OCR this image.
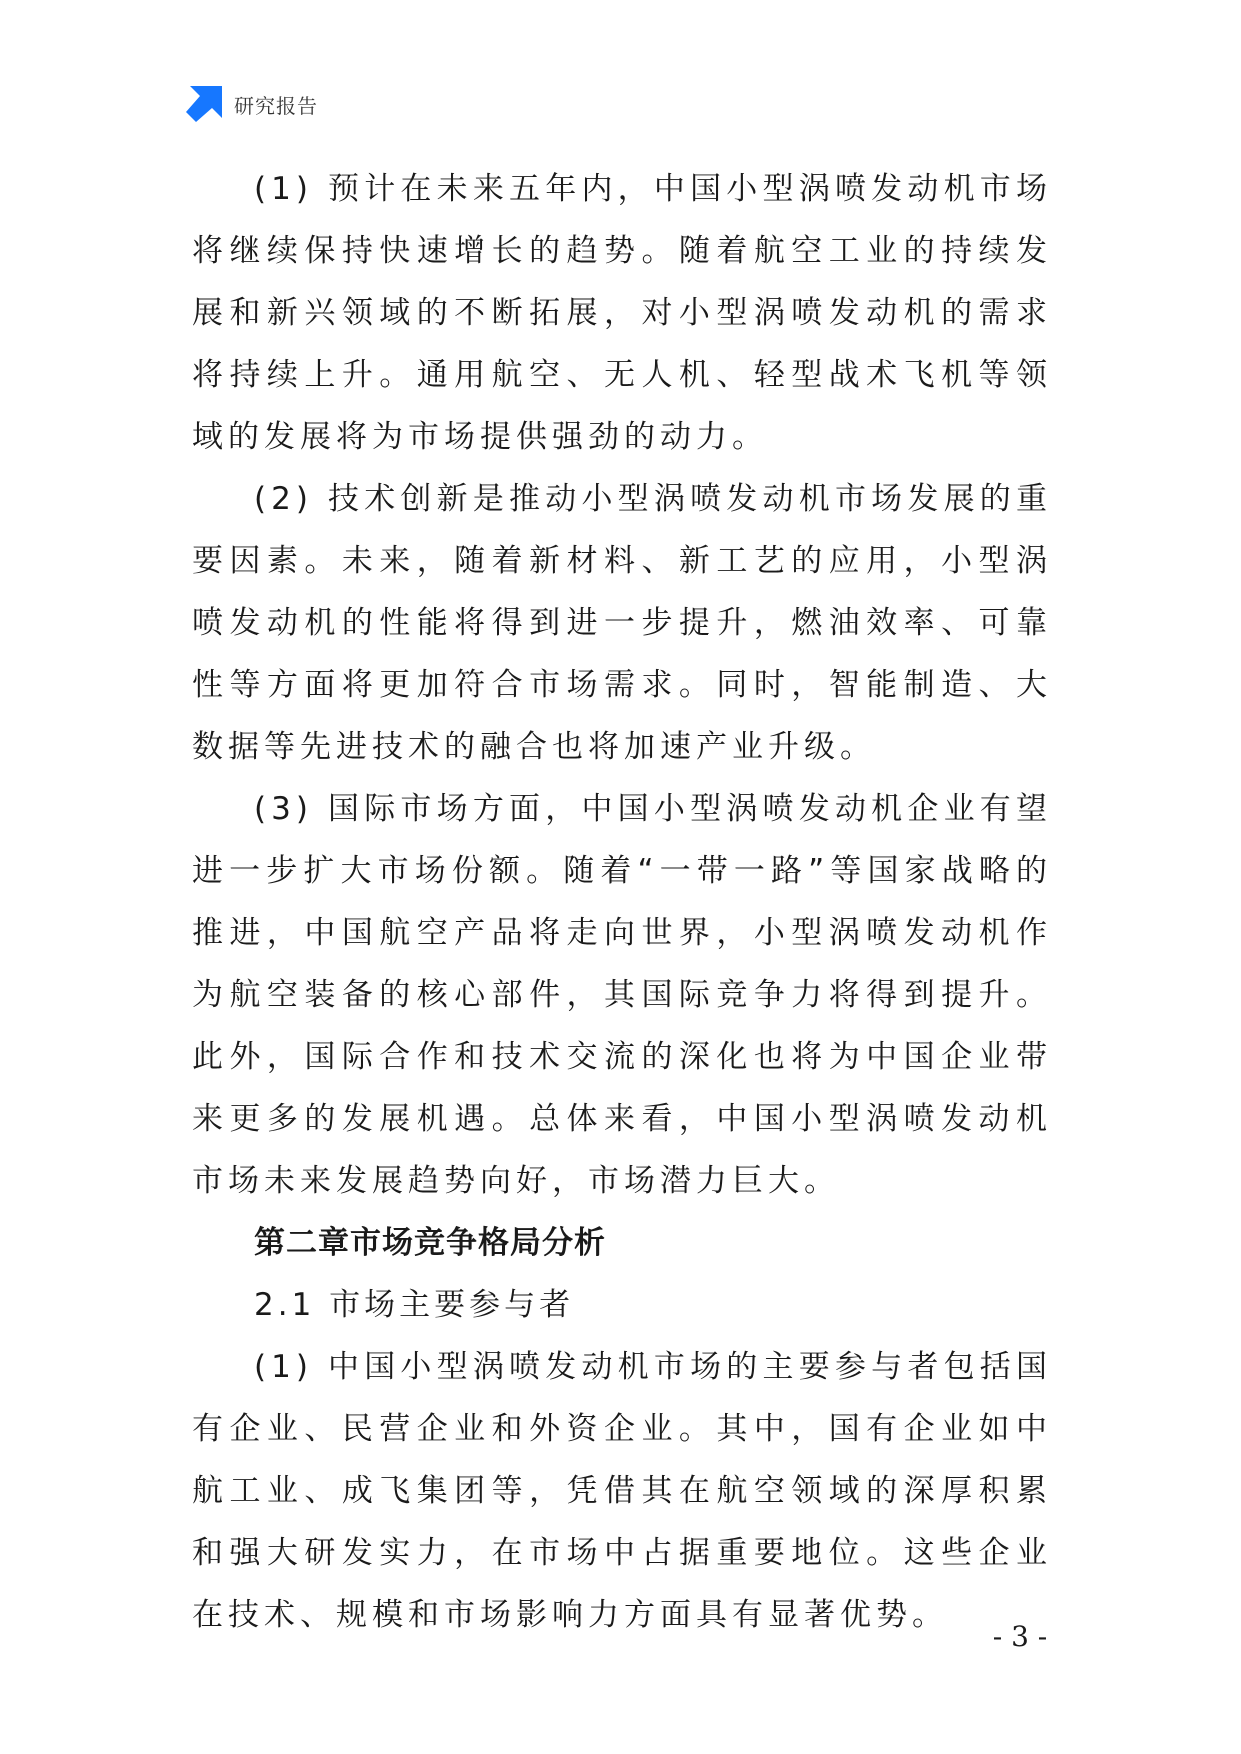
研究报告

(1) 预计在未来五年内，中国小型涡喷发动机市场将继续保持快速增长的趋势。随着航空工业的持续发展和新兴领域的不断拓展，对小型涡喷发动机的需求将持续上升。通用航空、无人机、轻型战术飞机等领域的发展将为市场提供强劲的动力。

(2) 技术创新是推动小型涡喷发动机市场发展的重要因素。未来，随着新材料、新工艺的应用，小型涡喷发动机的性能将得到进一步提升，燃油效率、可靠性等方面将更加符合市场需求。同时，智能制造、大数据等先进技术的融合也将加速产业升级。

(3) 国际市场方面，中国小型涡喷发动机企业有望进一步扩大市场份额。随着“一带一路”等国家战略的推进，中国航空产品将走向世界，小型涡喷发动机作为航空装备的核心部件，其国际竞争力将得到提升。此外，国际合作和技术交流的深化也将为中国企业带来更多的发展机遇。总体来看，中国小型涡喷发动机市场未来发展趋势向好，市场潜力巨大。

第二章市场竞争格局分析

2.1 市场主要参与者

(1) 中国小型涡喷发动机市场的主要参与者包括国有企业、民营企业和外资企业。其中，国有企业如中航工业、成飞集团等，凭借其在航空领域的深厚积累和强大研发实力，在市场中占据重要地位。这些企业在技术、规模和市场影响力方面具有显著优势。

- 3 -
